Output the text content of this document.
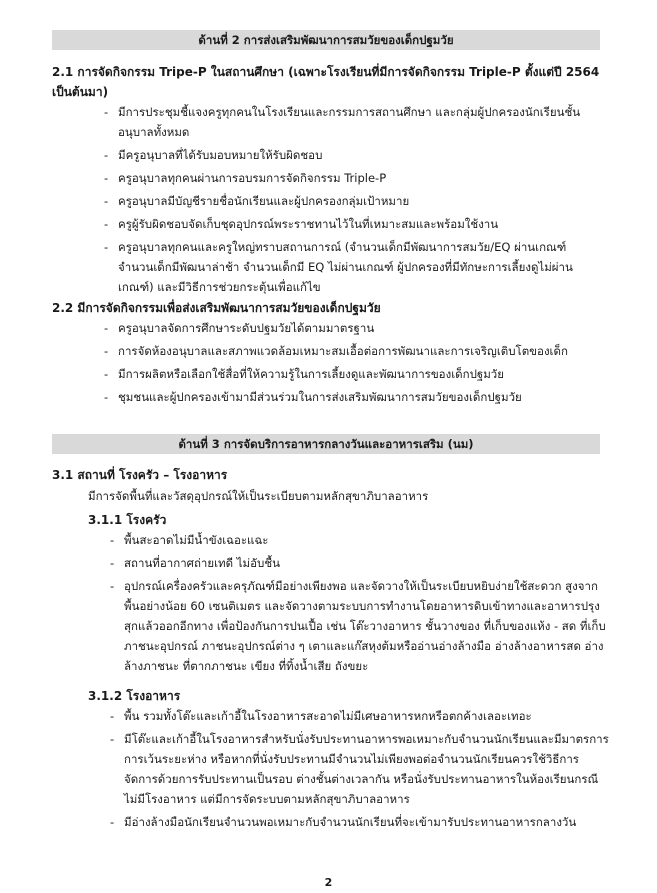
ด้านที่ 2 การส่งเสริมพัฒนาการสมวัยของเด็กปฐมวัย
2.1 การจัดกิจกรรม Tripe-P ในสถานศึกษา (เฉพาะโรงเรียนที่มีการจัดกิจกรรม Triple-P ตั้งแต่ปี 2564 เป็นต้นมา)
- มีการประชุมชี้แจงครูทุกคนในโรงเรียนและกรรมการสถานศึกษา และกลุ่มผู้ปกครองนักเรียนชั้นอนุบาลทั้งหมด
- มีครูอนุบาลที่ได้รับมอบหมายให้รับผิดชอบ
- ครูอนุบาลทุกคนผ่านการอบรมการจัดกิจกรรม Triple-P
- ครูอนุบาลมีบัญชีรายชื่อนักเรียนและผู้ปกครองกลุ่มเป้าหมาย
- ครูผู้รับผิดชอบจัดเก็บชุดอุปกรณ์พระราชทานไว้ในที่เหมาะสมและพร้อมใช้งาน
- ครูอนุบาลทุกคนและครูใหญ่ทราบสถานการณ์ (จำนวนเด็กมีพัฒนาการสมวัย/EQ ผ่านเกณฑ์ จำนวนเด็กมีพัฒนาล่าช้า จำนวนเด็กมี EQ ไม่ผ่านเกณฑ์ ผู้ปกครองที่มีทักษะการเลี้ยงดูไม่ผ่านเกณฑ์) และมีวิธีการช่วยกระตุ้นเพื่อแก้ไข
2.2 มีการจัดกิจกรรมเพื่อส่งเสริมพัฒนาการสมวัยของเด็กปฐมวัย
- ครูอนุบาลจัดการศึกษาระดับปฐมวัยได้ตามมาตรฐาน
- การจัดห้องอนุบาลและสภาพแวดล้อมเหมาะสมเอื้อต่อการพัฒนาและการเจริญเติบโตของเด็ก
- มีการผลิตหรือเลือกใช้สื่อที่ให้ความรู้ในการเลี้ยงดูและพัฒนาการของเด็กปฐมวัย
- ชุมชนและผู้ปกครองเข้ามามีส่วนร่วมในการส่งเสริมพัฒนาการสมวัยของเด็กปฐมวัย
ด้านที่ 3 การจัดบริการอาหารกลางวันและอาหารเสริม (นม)
3.1 สถานที่ โรงครัว – โรงอาหาร
มีการจัดพื้นที่และวัสดุอุปกรณ์ให้เป็นระเบียบตามหลักสุขาภิบาลอาหาร
3.1.1 โรงครัว
- พื้นสะอาดไม่มีน้ำขังเฉอะแฉะ
- สถานที่อากาศถ่ายเทดี ไม่อับชื้น
- อุปกรณ์เครื่องครัวและครุภัณฑ์มีอย่างเพียงพอ และจัดวางให้เป็นระเบียบหยิบง่ายใช้สะดวก สูงจากพื้นอย่างน้อย 60 เซนติเมตร และจัดวางตามระบบการทำงานโดยอาหารดิบเข้าทางและอาหารปรุงสุกแล้วออกอีกทาง เพื่อป้องกันการปนเปื้อ เช่น โต๊ะวางอาหาร ชั้นวางของ ที่เก็บของแห้ง - สด ที่เก็บภาชนะอุปกรณ์ ภาชนะอุปกรณ์ต่าง ๆ เตาและแก๊สหุงต้มหรืออ่านอ่างล้างมือ อ่างล้างอาหารสด อ่างล้างภาชนะ ที่ตากภาชนะ เขียง ที่ทิ้งน้ำเสีย ถังขยะ
3.1.2 โรงอาหาร
- พื้น รวมทั้งโต๊ะและเก้าอี้ในโรงอาหารสะอาดไม่มีเศษอาหารหกหรือตกค้างเลอะเทอะ
- มีโต๊ะและเก้าอี้ในโรงอาหารสำหรับนั่งรับประทานอาหารพอเหมาะกับจำนวนนักเรียนและมีมาตรการการเว้นระยะห่าง หรือหากที่นั่งรับประทานมีจำนวนไม่เพียงพอต่อจำนวนนักเรียนควรใช้วิธีการจัดการด้วยการรับประทานเป็นรอบ ต่างชั้นต่างเวลากัน หรือนั่งรับประทานอาหารในห้องเรียนกรณีไม่มีโรงอาหาร แต่มีการจัดระบบตามหลักสุขาภิบาลอาหาร
- มีอ่างล้างมือนักเรียนจำนวนพอเหมาะกับจำนวนนักเรียนที่จะเข้ามารับประทานอาหารกลางวัน
2
